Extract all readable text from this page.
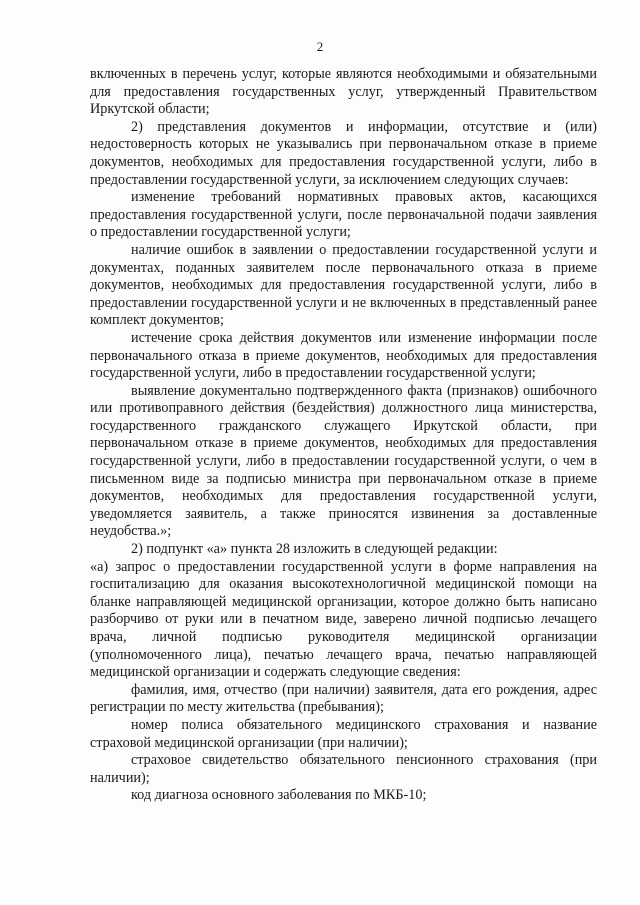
2

включенных в перечень услуг, которые являются необходимыми и обязательными для предоставления государственных услуг, утвержденный Правительством Иркутской области;

2) представления документов и информации, отсутствие и (или) недостоверность которых не указывались при первоначальном отказе в приеме документов, необходимых для предоставления государственной услуги, либо в предоставлении государственной услуги, за исключением следующих случаев:

изменение требований нормативных правовых актов, касающихся предоставления государственной услуги, после первоначальной подачи заявления о предоставлении государственной услуги;

наличие ошибок в заявлении о предоставлении государственной услуги и документах, поданных заявителем после первоначального отказа в приеме документов, необходимых для предоставления государственной услуги, либо в предоставлении государственной услуги и не включенных в представленный ранее комплект документов;

истечение срока действия документов или изменение информации после первоначального отказа в приеме документов, необходимых для предоставления государственной услуги, либо в предоставлении государственной услуги;

выявление документально подтвержденного факта (признаков) ошибочного или противоправного действия (бездействия) должностного лица министерства, государственного гражданского служащего Иркутской области, при первоначальном отказе в приеме документов, необходимых для предоставления государственной услуги, либо в предоставлении государственной услуги, о чем в письменном виде за подписью министра при первоначальном отказе в приеме документов, необходимых для предоставления государственной услуги, уведомляется заявитель, а также приносятся извинения за доставленные неудобства.»;

2) подпункт «а» пункта 28 изложить в следующей редакции:

«а) запрос о предоставлении государственной услуги в форме направления на госпитализацию для оказания высокотехнологичной медицинской помощи на бланке направляющей медицинской организации, которое должно быть написано разборчиво от руки или в печатном виде, заверено личной подписью лечащего врача, личной подписью руководителя медицинской организации (уполномоченного лица), печатью лечащего врача, печатью направляющей медицинской организации и содержать следующие сведения:

фамилия, имя, отчество (при наличии) заявителя, дата его рождения, адрес регистрации по месту жительства (пребывания);

номер полиса обязательного медицинского страхования и название страховой медицинской организации (при наличии);

страховое свидетельство обязательного пенсионного страхования (при наличии);

код диагноза основного заболевания по МКБ-10;
